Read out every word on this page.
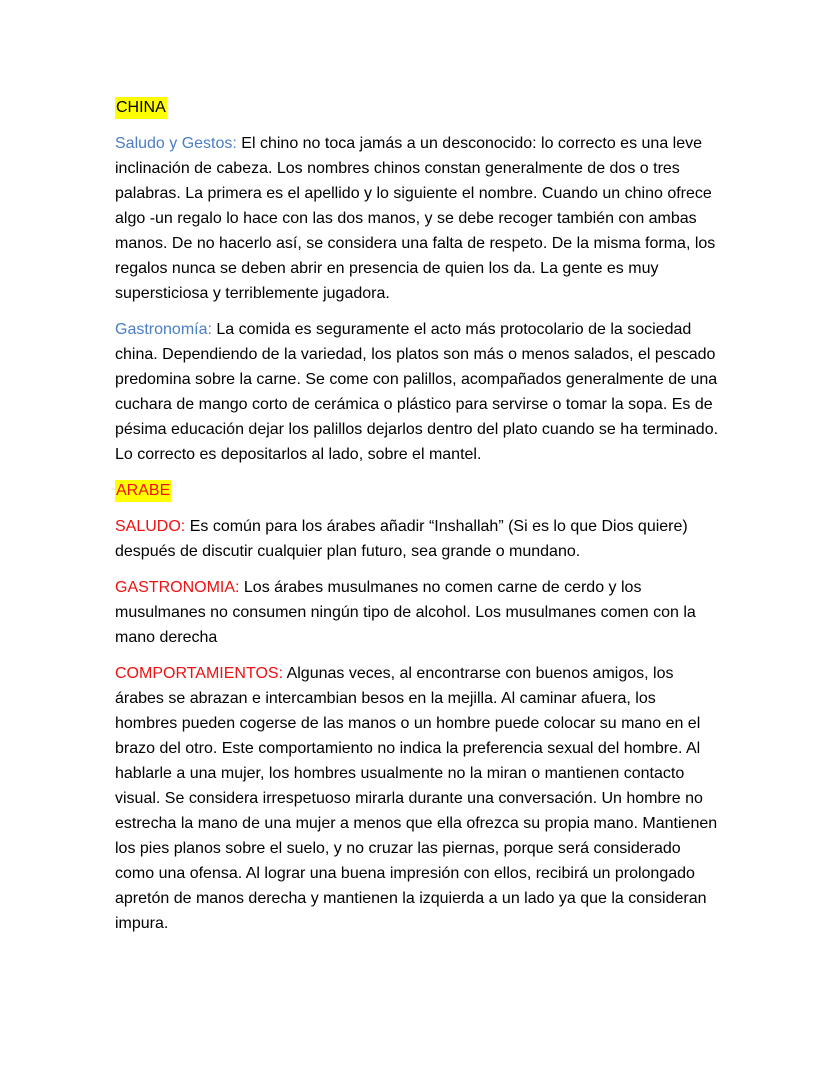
CHINA

Saludo y Gestos: El chino no toca jamás a un desconocido: lo correcto es una leve inclinación de cabeza. Los nombres chinos constan generalmente de dos o tres palabras. La primera es el apellido y lo siguiente el nombre. Cuando un chino ofrece algo -un regalo lo hace con las dos manos, y se debe recoger también con ambas manos. De no hacerlo así, se considera una falta de respeto. De la misma forma, los regalos nunca se deben abrir en presencia de quien los da. La gente es muy supersticiosa y terriblemente jugadora.

Gastronomía: La comida es seguramente el acto más protocolario de la sociedad china. Dependiendo de la variedad, los platos son más o menos salados, el pescado predomina sobre la carne. Se come con palillos, acompañados generalmente de una cuchara de mango corto de cerámica o plástico para servirse o tomar la sopa. Es de pésima educación dejar los palillos dejarlos dentro del plato cuando se ha terminado. Lo correcto es depositarlos al lado, sobre el mantel.

ARABE

SALUDO: Es común para los árabes añadir “Inshallah” (Si es lo que Dios quiere) después de discutir cualquier plan futuro, sea grande o mundano.

GASTRONOMIA: Los árabes musulmanes no comen carne de cerdo y los musulmanes no consumen ningún tipo de alcohol. Los musulmanes comen con la mano derecha

COMPORTAMIENTOS: Algunas veces, al encontrarse con buenos amigos, los árabes se abrazan e intercambian besos en la mejilla. Al caminar afuera, los hombres pueden cogerse de las manos o un hombre puede colocar su mano en el brazo del otro. Este comportamiento no indica la preferencia sexual del hombre. Al hablarle a una mujer, los hombres usualmente no la miran o mantienen contacto visual. Se considera irrespetuoso mirarla durante una conversación. Un hombre no estrecha la mano de una mujer a menos que ella ofrezca su propia mano. Mantienen los pies planos sobre el suelo, y no cruzar las piernas, porque será considerado como una ofensa. Al lograr una buena impresión con ellos, recibirá un prolongado apretón de manos derecha y mantienen la izquierda a un lado ya que la consideran impura.
